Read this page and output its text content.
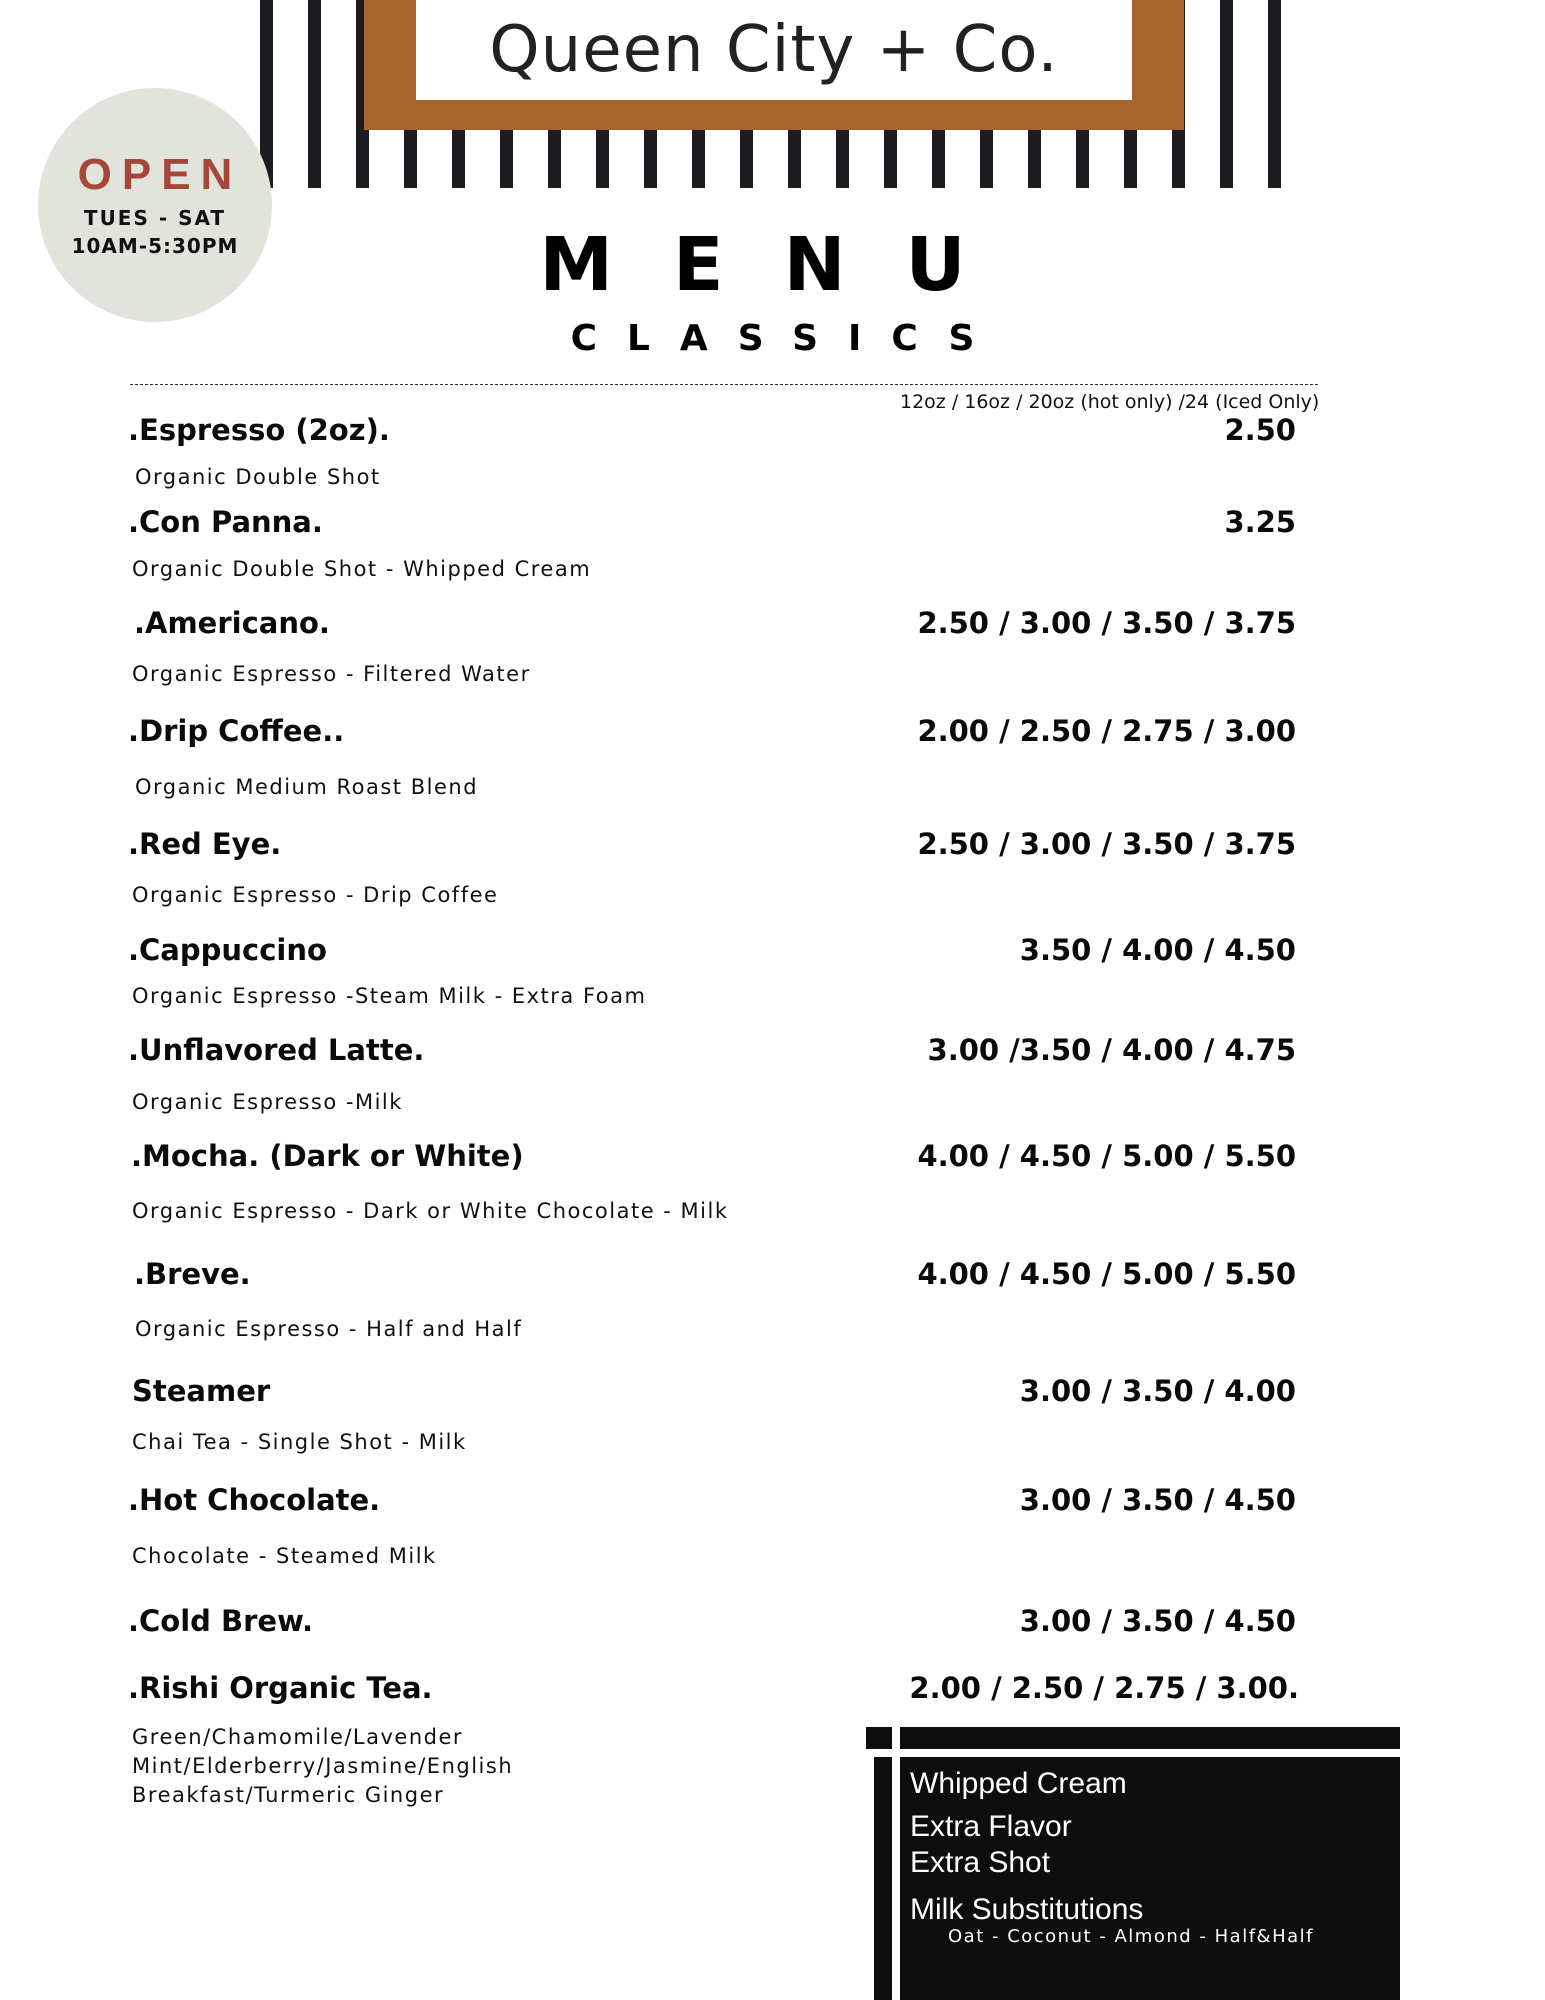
Queen City + Co.
OPEN
TUES - SAT
10AM-5:30PM	MENU
CLASSICS
12oz / 16oz / 20oz (hot only) /24 (Iced Only)
.Espresso (2oz).	2.50
Organic Double Shot
.Con Panna.	3.25
Organic Double Shot - Whipped Cream
.Americano.	2.50 / 3.00 / 3.50 / 3.75
Organic Espresso - Filtered Water
.Drip Coffee..	2.00 / 2.50 / 2.75 / 3.00
Organic Medium Roast Blend
.Red Eye.	2.50 / 3.00 / 3.50 / 3.75
Organic Espresso - Drip Coffee
.Cappuccino	3.50 / 4.00 / 4.50
Organic Espresso -Steam Milk - Extra Foam
.Unflavored Latte.	3.00 /3.50 / 4.00 / 4.75
Organic Espresso -Milk
.Mocha. (Dark or White)	4.00 / 4.50 / 5.00 / 5.50
Organic Espresso - Dark or White Chocolate - Milk
.Breve.	4.00 / 4.50 / 5.00 / 5.50
Organic Espresso - Half and Half
Steamer	3.00 / 3.50 / 4.00
Chai Tea - Single Shot - Milk
.Hot Chocolate.	3.00 / 3.50 / 4.50
Chocolate - Steamed Milk
.Cold Brew.	3.00 / 3.50 / 4.50
.Rishi Organic Tea.	2.00 / 2.50 / 2.75 / 3.00.
Green/Chamomile/Lavender
Mint/Elderberry/Jasmine/English
Breakfast/Turmeric Ginger	Whipped Cream	.50
Extra Flavor	.50
Extra Shot	.75
Milk Substitutions	.75
Oat - Coconut - Almond - Half&Half
